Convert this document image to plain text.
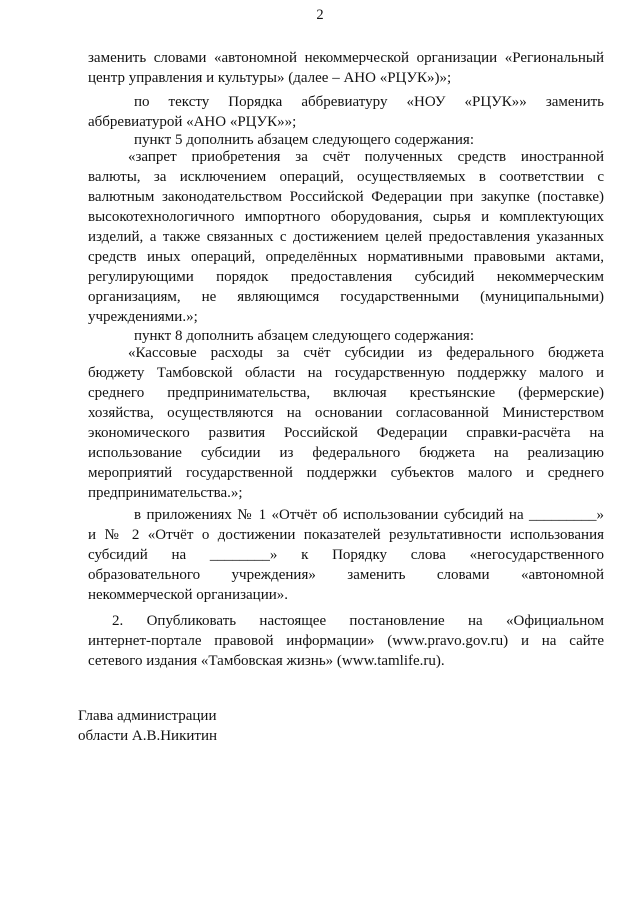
2
заменить словами «автономной некоммерческой организации «Региональный
центр управления и культуры» (далее – АНО «РЦУК»)»;
по тексту Порядка аббревиатуру «НОУ «РЦУК»» заменить
аббревиатурой «АНО «РЦУК»»;
пункт 5 дополнить абзацем следующего содержания:
«запрет приобретения за счёт полученных средств иностранной
валюты, за исключением операций, осуществляемых в соответствии с
валютным законодательством Российской Федерации при закупке (поставке)
высокотехнологичного импортного оборудования, сырья и комплектующих
изделий, а также связанных с достижением целей предоставления указанных
средств иных операций, определённых нормативными правовыми актами,
регулирующими порядок предоставления субсидий некоммерческим
организациям, не являющимся государственными (муниципальными)
учреждениями.»;
пункт 8 дополнить абзацем следующего содержания:
«Кассовые расходы за счёт субсидии из федерального бюджета
бюджету Тамбовской области на государственную поддержку малого и
среднего предпринимательства, включая крестьянские (фермерские)
хозяйства, осуществляются на основании согласованной Министерством
экономического развития Российской Федерации справки-расчёта на
использование субсидии из федерального бюджета на реализацию
мероприятий государственной поддержки субъектов малого и среднего
предпринимательства.»;
в приложениях № 1 «Отчёт об использовании субсидий на _________»
и № 2 «Отчёт о достижении показателей результативности использования
субсидий на ________» к Порядку слова «негосударственного
образовательного учреждения» заменить словами «автономной
некоммерческой организации».
2. Опубликовать настоящее постановление на «Официальном
интернет-портале правовой информации» (www.pravo.gov.ru) и на сайте
сетевого издания «Тамбовская жизнь» (www.tamlife.ru).
Глава администрации
области А.В.Никитин
